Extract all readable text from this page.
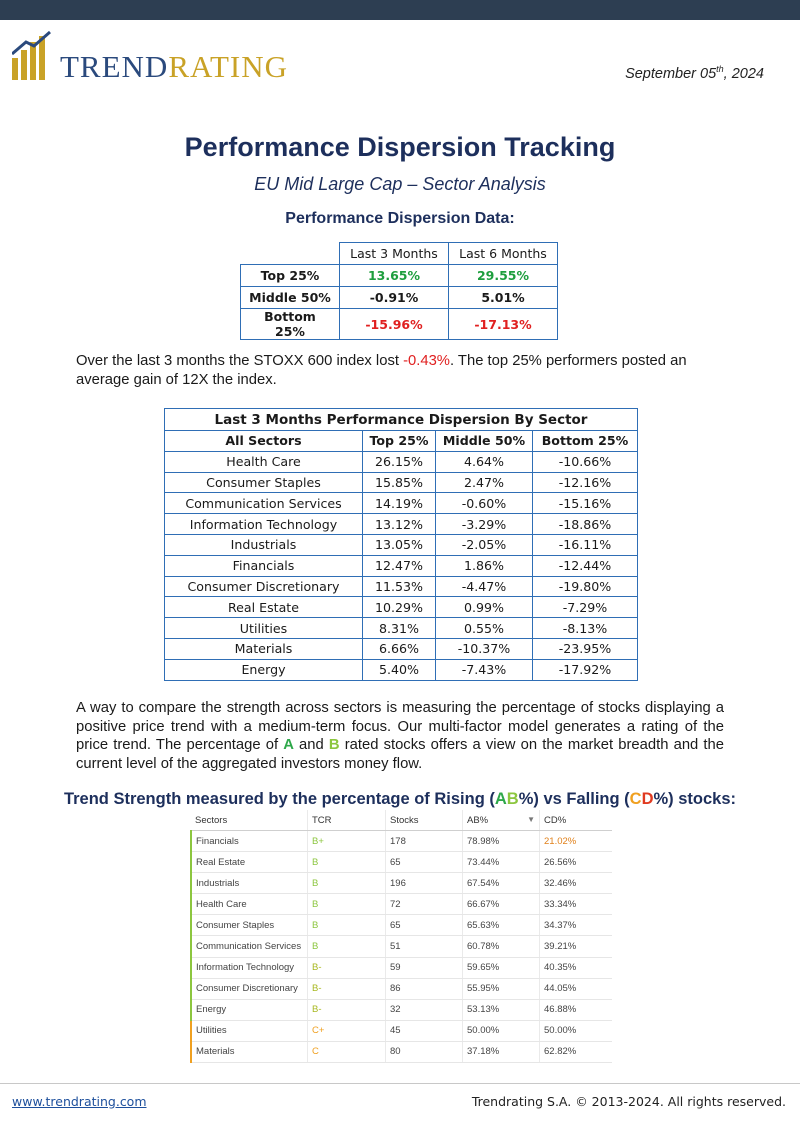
TRENDRATING	September 05th, 2024
Performance Dispersion Tracking
EU Mid Large Cap – Sector Analysis
Performance Dispersion Data:
	Last 3 Months	Last 6 Months
Top 25%	13.65%	29.55%
Middle 50%	-0.91%	5.01%
Bottom 25%	-15.96%	-17.13%
Over the last 3 months the STOXX 600 index lost -0.43%. The top 25% performers posted an average gain of 12X the index.
Last 3 Months Performance Dispersion By Sector			
All Sectors	Top 25%	Middle 50%	Bottom 25%
Health Care	26.15%	4.64%	-10.66%
Consumer Staples	15.85%	2.47%	-12.16%
Communication Services	14.19%	-0.60%	-15.16%
Information Technology	13.12%	-3.29%	-18.86%
Industrials	13.05%	-2.05%	-16.11%
Financials	12.47%	1.86%	-12.44%
Consumer Discretionary	11.53%	-4.47%	-19.80%
Real Estate	10.29%	0.99%	-7.29%
Utilities	8.31%	0.55%	-8.13%
Materials	6.66%	-10.37%	-23.95%
Energy	5.40%	-7.43%	-17.92%
A way to compare the strength across sectors is measuring the percentage of stocks displaying a positive price trend with a medium-term focus. Our multi-factor model generates a rating of the price trend. The percentage of A and B rated stocks offers a view on the market breadth and the current level of the aggregated investors money flow.
Trend Strength measured by the percentage of Rising (AB%) vs Falling (CD%) stocks:
Sectors	TCR	Stocks	AB% ▼	CD%
Financials	B+	178	78.98%	21.02%
Real Estate	B	65	73.44%	26.56%
Industrials	B	196	67.54%	32.46%
Health Care	B	72	66.67%	33.34%
Consumer Staples	B	65	65.63%	34.37%
Communication Services	B	51	60.78%	39.21%
Information Technology	B-	59	59.65%	40.35%
Consumer Discretionary	B-	86	55.95%	44.05%
Energy	B-	32	53.13%	46.88%
Utilities	C+	45	50.00%	50.00%
Materials	C	80	37.18%	62.82%
www.trendrating.com	Trendrating S.A. © 2013-2024. All rights reserved.
